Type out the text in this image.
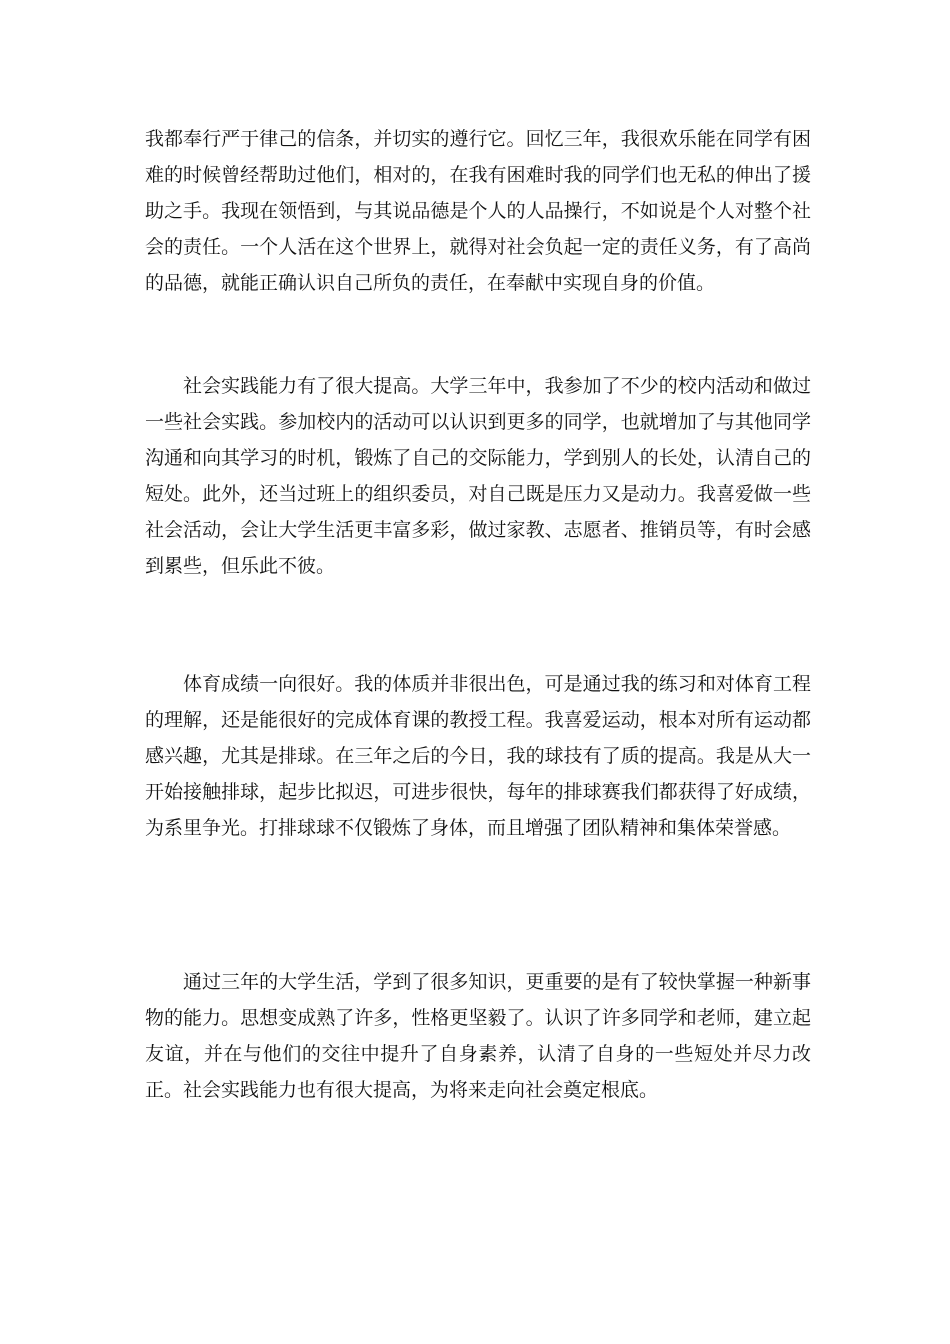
我都奉行严于律己的信条，并切实的遵行它。回忆三年，我很欢乐能在同学有困难的时候曾经帮助过他们，相对的，在我有困难时我的同学们也无私的伸出了援助之手。我现在领悟到，与其说品德是个人的人品操行，不如说是个人对整个社会的责任。一个人活在这个世界上，就得对社会负起一定的责任义务，有了高尚的品德，就能正确认识自己所负的责任，在奉献中实现自身的价值。

社会实践能力有了很大提高。大学三年中，我参加了不少的校内活动和做过一些社会实践。参加校内的活动可以认识到更多的同学，也就增加了与其他同学沟通和向其学习的时机，锻炼了自己的交际能力，学到别人的长处，认清自己的短处。此外，还当过班上的组织委员，对自己既是压力又是动力。我喜爱做一些社会活动，会让大学生活更丰富多彩，做过家教、志愿者、推销员等，有时会感到累些，但乐此不彼。

体育成绩一向很好。我的体质并非很出色，可是通过我的练习和对体育工程的理解，还是能很好的完成体育课的教授工程。我喜爱运动，根本对所有运动都感兴趣，尤其是排球。在三年之后的今日，我的球技有了质的提高。我是从大一开始接触排球，起步比拟迟，可进步很快，每年的排球赛我们都获得了好成绩，为系里争光。打排球球不仅锻炼了身体，而且增强了团队精神和集体荣誉感。

通过三年的大学生活，学到了很多知识，更重要的是有了较快掌握一种新事物的能力。思想变成熟了许多，性格更坚毅了。认识了许多同学和老师，建立起友谊，并在与他们的交往中提升了自身素养，认清了自身的一些短处并尽力改正。社会实践能力也有很大提高，为将来走向社会奠定根底。
